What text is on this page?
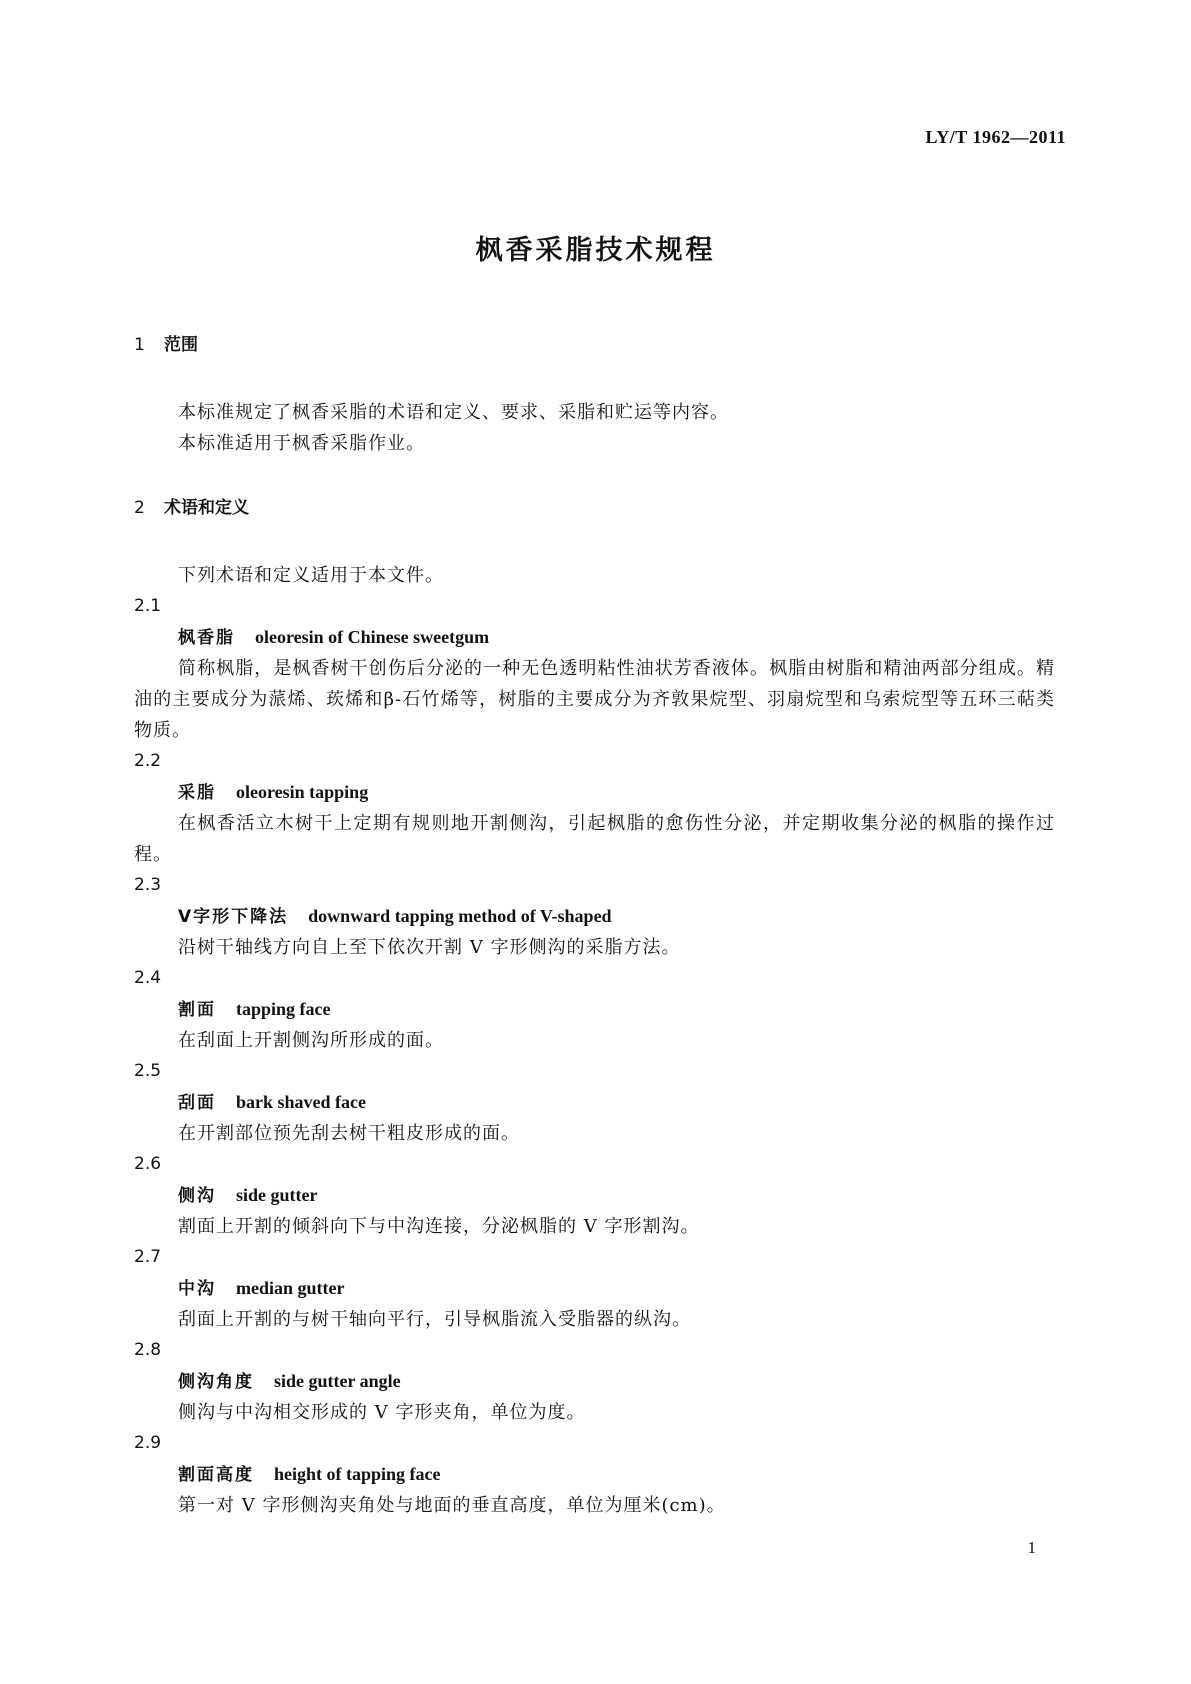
LY/T 1962—2011
枫香采脂技术规程

1 范围

本标准规定了枫香采脂的术语和定义、要求、采脂和贮运等内容。

本标准适用于枫香采脂作业。

2 术语和定义

下列术语和定义适用于本文件。

2.1

枫香脂 oleoresin of Chinese sweetgum

简称枫脂，是枫香树干创伤后分泌的一种无色透明粘性油状芳香液体。枫脂由树脂和精油两部分组成。精油的主要成分为蒎烯、莰烯和β-石竹烯等，树脂的主要成分为齐敦果烷型、羽扇烷型和乌索烷型等五环三萜类物质。

2.2

采脂 oleoresin tapping

在枫香活立木树干上定期有规则地开割侧沟，引起枫脂的愈伤性分泌，并定期收集分泌的枫脂的操作过程。

2.3

V字形下降法 downward tapping method of V-shaped

沿树干轴线方向自上至下依次开割 V 字形侧沟的采脂方法。

2.4

割面 tapping face

在刮面上开割侧沟所形成的面。

2.5

刮面 bark shaved face

在开割部位预先刮去树干粗皮形成的面。

2.6

侧沟 side gutter

割面上开割的倾斜向下与中沟连接，分泌枫脂的 V 字形割沟。

2.7

中沟 median gutter

刮面上开割的与树干轴向平行，引导枫脂流入受脂器的纵沟。

2.8

侧沟角度 side gutter angle

侧沟与中沟相交形成的 V 字形夹角，单位为度。

2.9

割面高度 height of tapping face

第一对 V 字形侧沟夹角处与地面的垂直高度，单位为厘米(cm)。

1
